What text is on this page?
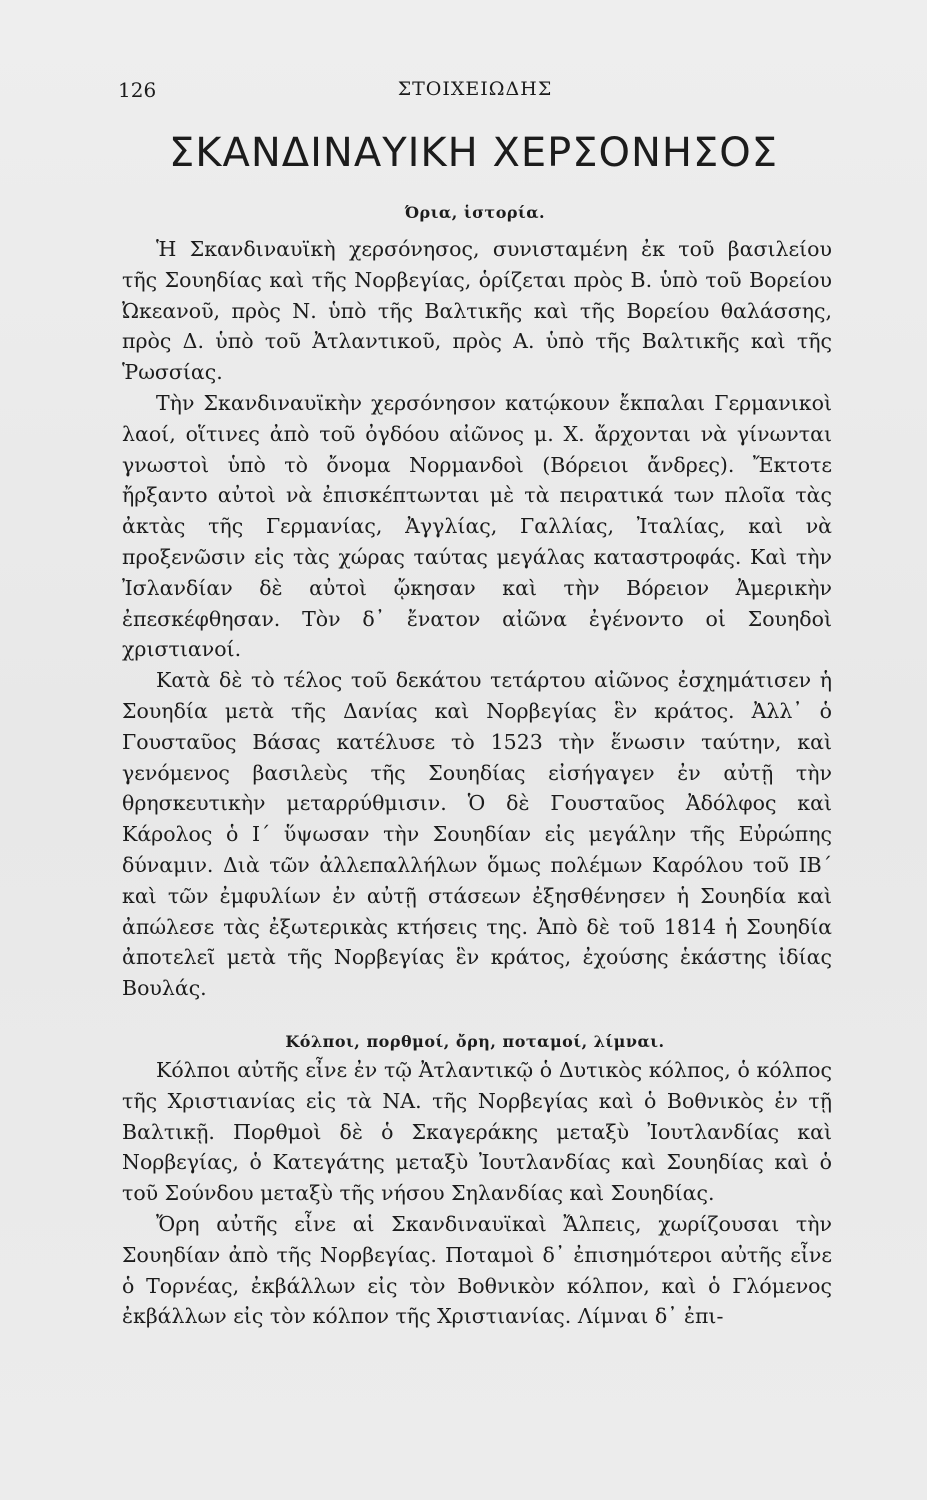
126	ΣΤΟΙΧΕΙΩΔΗΣ
ΣΚΑΝΔΙΝΑΥΙΚΗ ΧΕΡΣΟΝΗΣΟΣ
Όρια, ἱστορία.

Ἡ Σκανδιναυϊκὴ χερσόνησος, συνισταμένη ἐκ τοῦ βασιλείου τῆς Σουηδίας καὶ τῆς Νορβεγίας, ὁρίζεται πρὸς Β. ὑπὸ τοῦ Βορείου Ὠκεανοῦ, πρὸς Ν. ὑπὸ τῆς Βαλτικῆς καὶ τῆς Βορείου θαλάσσης, πρὸς Δ. ὑπὸ τοῦ Ἀτλαντικοῦ, πρὸς Α. ὑπὸ τῆς Βαλτικῆς καὶ τῆς Ῥωσσίας.

Τὴν Σκανδιναυϊκὴν χερσόνησον κατῴκουν ἔκπαλαι Γερμανικοὶ λαοί, οἵτινες ἀπὸ τοῦ ὀγδόου αἰῶνος μ. Χ. ἄρχονται νὰ γίνωνται γνωστοὶ ὑπὸ τὸ ὄνομα Νορμανδοὶ (Βόρειοι ἄνδρες). Ἔκτοτε ἤρξαντο αὐτοὶ νὰ ἐπισκέπτωνται μὲ τὰ πειρατικά των πλοῖα τὰς ἀκτὰς τῆς Γερμανίας, Ἀγγλίας, Γαλλίας, Ἰταλίας, καὶ νὰ προξενῶσιν εἰς τὰς χώρας ταύτας μεγάλας καταστροφάς. Καὶ τὴν Ἰσλανδίαν δὲ αὐτοὶ ᾤκησαν καὶ τὴν Βόρειον Ἀμερικὴν ἐπεσκέφθησαν. Τὸν δ᾽ ἔνατον αἰῶνα ἐγένοντο οἱ Σουηδοὶ χριστιανοί.

Κατὰ δὲ τὸ τέλος τοῦ δεκάτου τετάρτου αἰῶνος ἐσχημάτισεν ἡ Σουηδία μετὰ τῆς Δανίας καὶ Νορβεγίας ἓν κράτος. Ἀλλ᾽ ὁ Γουσταῦος Βάσας κατέλυσε τὸ 1523 τὴν ἕνωσιν ταύτην, καὶ γενόμενος βασιλεὺς τῆς Σουηδίας εἰσήγαγεν ἐν αὐτῇ τὴν θρησκευτικὴν μεταρρύθμισιν. Ὁ δὲ Γουσταῦος Ἀδόλφος καὶ Κάρολος ὁ Ι΄ ὕψωσαν τὴν Σουηδίαν εἰς μεγάλην τῆς Εὐρώπης δύναμιν. Διὰ τῶν ἀλλεπαλλήλων ὅμως πολέμων Καρόλου τοῦ ΙΒ΄ καὶ τῶν ἐμφυλίων ἐν αὐτῇ στάσεων ἐξησθένησεν ἡ Σουηδία καὶ ἀπώλεσε τὰς ἐξωτερικὰς κτήσεις της. Ἀπὸ δὲ τοῦ 1814 ἡ Σουηδία ἀποτελεῖ μετὰ τῆς Νορβεγίας ἓν κράτος, ἐχούσης ἑκάστης ἰδίας Βουλάς.

Κόλποι, πορθμοί, ὄρη, ποταμοί, λίμναι.

Κόλποι αὐτῆς εἶνε ἐν τῷ Ἀτλαντικῷ ὁ Δυτικὸς κόλπος, ὁ κόλπος τῆς Χριστιανίας εἰς τὰ ΝΑ. τῆς Νορβεγίας καὶ ὁ Βοθνικὸς ἐν τῇ Βαλτικῇ. Πορθμοὶ δὲ ὁ Σκαγεράκης μεταξὺ Ἰουτλανδίας καὶ Νορβεγίας, ὁ Κατεγάτης μεταξὺ Ἰουτλανδίας καὶ Σουηδίας καὶ ὁ τοῦ Σούνδου μεταξὺ τῆς νήσου Σηλανδίας καὶ Σουηδίας.

Ὄρη αὐτῆς εἶνε αἱ Σκανδιναυϊκαὶ Ἄλπεις, χωρίζουσαι τὴν Σουηδίαν ἀπὸ τῆς Νορβεγίας. Ποταμοὶ δ᾽ ἐπισημότεροι αὐτῆς εἶνε ὁ Τορνέας, ἐκβάλλων εἰς τὸν Βοθνικὸν κόλπον, καὶ ὁ Γλόμενος ἐκβάλλων εἰς τὸν κόλπον τῆς Χριστιανίας. Λίμναι δ᾽ ἐπι-
